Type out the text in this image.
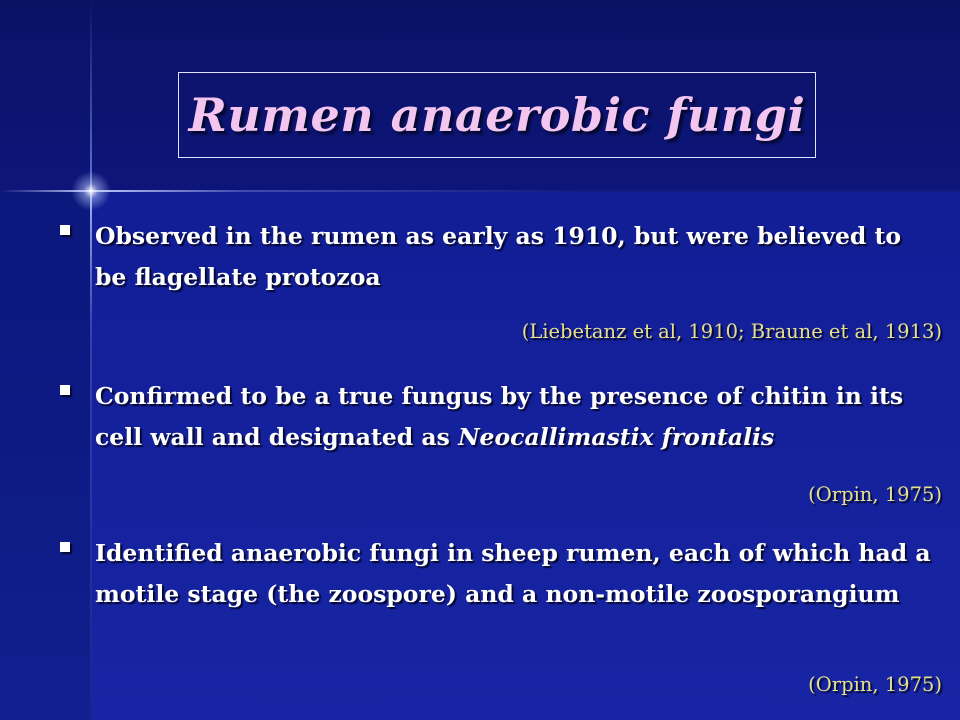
Rumen anaerobic fungi
Observed in the rumen as early as 1910, but were believed to be flagellate protozoa
(Liebetanz et al, 1910; Braune et al, 1913)
Confirmed to be a true fungus by the presence of chitin in its cell wall and designated as Neocallimastix frontalis
(Orpin, 1975)
Identified anaerobic fungi in sheep rumen, each of which had a motile stage (the zoospore) and a non-motile zoosporangium
(Orpin, 1975)
